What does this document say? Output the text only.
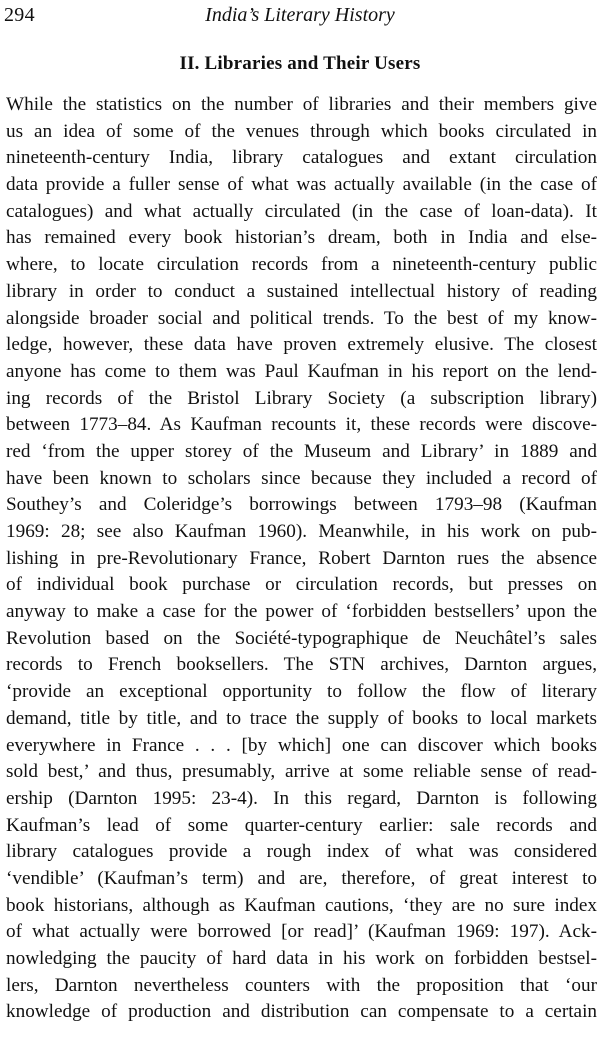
294	India’s Literary History
II. Libraries and Their Users
While the statistics on the number of libraries and their members give
us an idea of some of the venues through which books circulated in
nineteenth-century India, library catalogues and extant circulation
data provide a fuller sense of what was actually available (in the case of
catalogues) and what actually circulated (in the case of loan-data). It
has remained every book historian’s dream, both in India and else-
where, to locate circulation records from a nineteenth-century public
library in order to conduct a sustained intellectual history of reading
alongside broader social and political trends. To the best of my know-
ledge, however, these data have proven extremely elusive. The closest
anyone has come to them was Paul Kaufman in his report on the lend-
ing records of the Bristol Library Society (a subscription library)
between 1773–84. As Kaufman recounts it, these records were discove-
red ‘from the upper storey of the Museum and Library’ in 1889 and
have been known to scholars since because they included a record of
Southey’s and Coleridge’s borrowings between 1793–98 (Kaufman
1969: 28; see also Kaufman 1960). Meanwhile, in his work on pub-
lishing in pre-Revolutionary France, Robert Darnton rues the absence
of individual book purchase or circulation records, but presses on
anyway to make a case for the power of ‘forbidden bestsellers’ upon the
Revolution based on the Société-typographique de Neuchâtel’s sales
records to French booksellers. The STN archives, Darnton argues,
‘provide an exceptional opportunity to follow the flow of literary
demand, title by title, and to trace the supply of books to local markets
everywhere in France . . . [by which] one can discover which books
sold best,’ and thus, presumably, arrive at some reliable sense of read-
ership (Darnton 1995: 23-4). In this regard, Darnton is following
Kaufman’s lead of some quarter-century earlier: sale records and
library catalogues provide a rough index of what was considered
‘vendible’ (Kaufman’s term) and are, therefore, of great interest to
book historians, although as Kaufman cautions, ‘they are no sure index
of what actually were borrowed [or read]’ (Kaufman 1969: 197). Ack-
nowledging the paucity of hard data in his work on forbidden bestsel-
lers, Darnton nevertheless counters with the proposition that ‘our
knowledge of production and distribution can compensate to a certain
